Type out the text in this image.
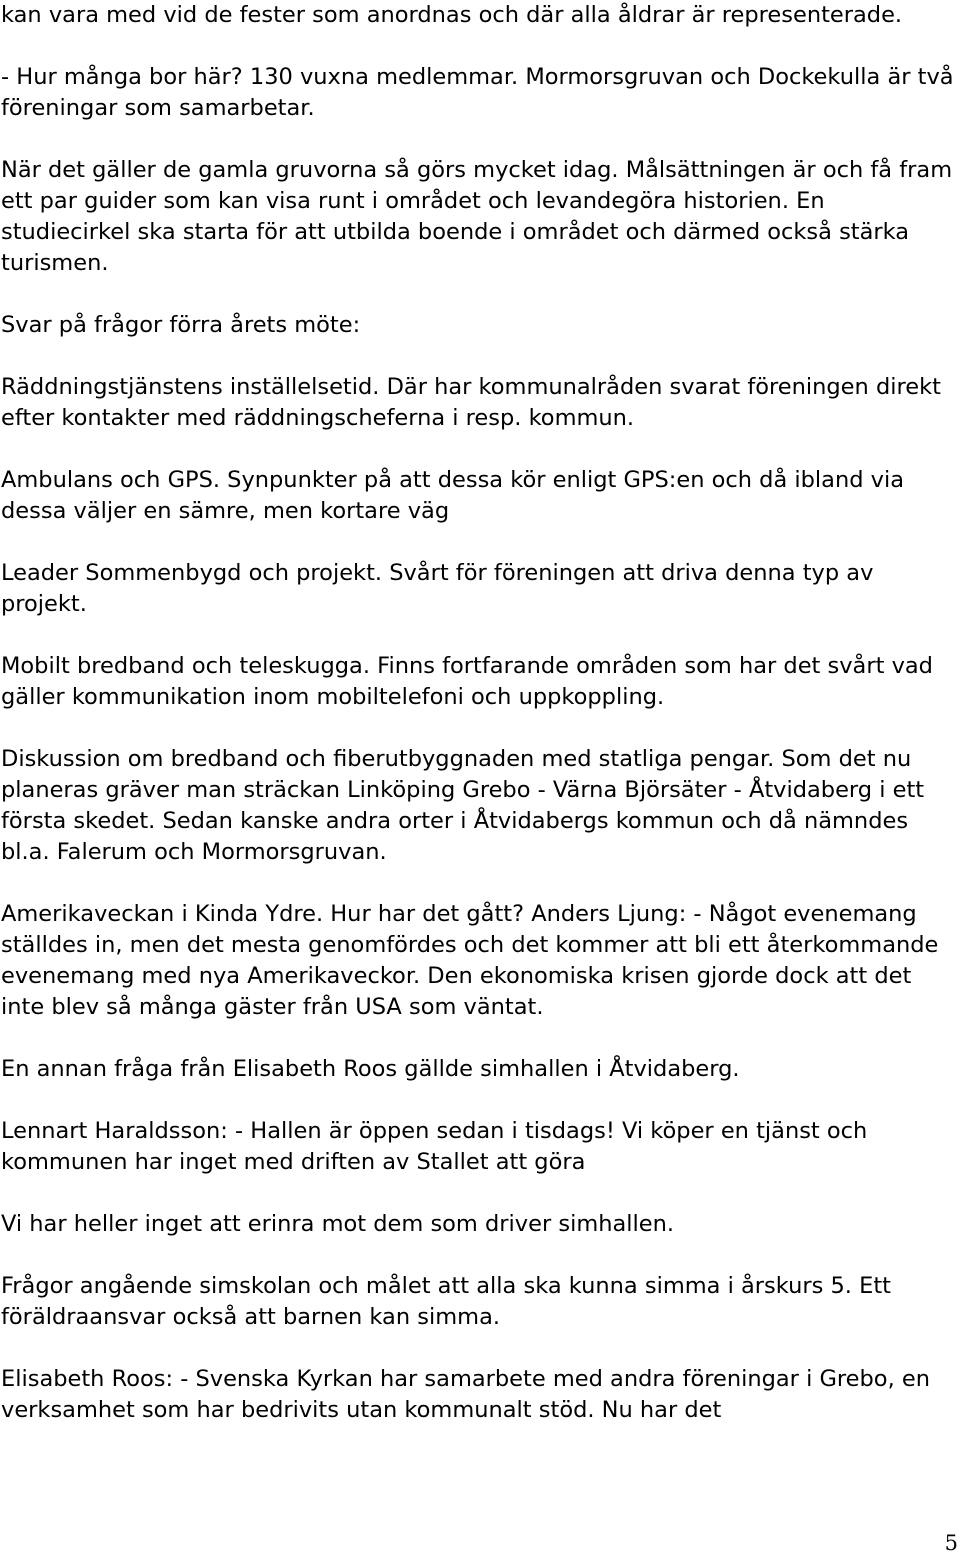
kan vara med vid de fester som anordnas och där alla åldrar är representerade.

- Hur många bor här? 130 vuxna medlemmar. Mormorsgruvan och Dockekulla är två föreningar som samarbetar.

När det gäller de gamla gruvorna så görs mycket idag. Målsättningen är och få fram ett par guider som kan visa runt i området och levandegöra historien. En studiecirkel ska starta för att utbilda boende i området och därmed också stärka turismen.

Svar på frågor förra årets möte:

Räddningstjänstens inställelsetid. Där har kommunalråden svarat föreningen direkt efter kontakter med räddningscheferna i resp. kommun.

Ambulans och GPS. Synpunkter på att dessa kör enligt GPS:en och då ibland via dessa väljer en sämre, men kortare väg

Leader Sommenbygd och projekt. Svårt för föreningen att driva denna typ av projekt.

Mobilt bredband och teleskugga. Finns fortfarande områden som har det svårt vad gäller kommunikation inom mobiltelefoni och uppkoppling.

Diskussion om bredband och fiberutbyggnaden med statliga pengar. Som det nu planeras gräver man sträckan Linköping Grebo - Värna Björsäter - Åtvidaberg i ett första skedet. Sedan kanske andra orter i Åtvidabergs kommun och då nämndes bl.a. Falerum och Mormorsgruvan.

Amerikaveckan i Kinda Ydre. Hur har det gått? Anders Ljung: - Något evenemang ställdes in, men det mesta genomfördes och det kommer att bli ett återkommande evenemang med nya Amerikaveckor. Den ekonomiska krisen gjorde dock att det inte blev så många gäster från USA som väntat.

En annan fråga från Elisabeth Roos gällde simhallen i Åtvidaberg.

Lennart Haraldsson: - Hallen är öppen sedan i tisdags! Vi köper en tjänst och kommunen har inget med driften av Stallet att göra

Vi har heller inget att erinra mot dem som driver simhallen.

Frågor angående simskolan och målet att alla ska kunna simma i årskurs 5. Ett föräldraansvar också att barnen kan simma.

Elisabeth Roos: - Svenska Kyrkan har samarbete med andra föreningar i Grebo, en verksamhet som har bedrivits utan kommunalt stöd. Nu har det

5
